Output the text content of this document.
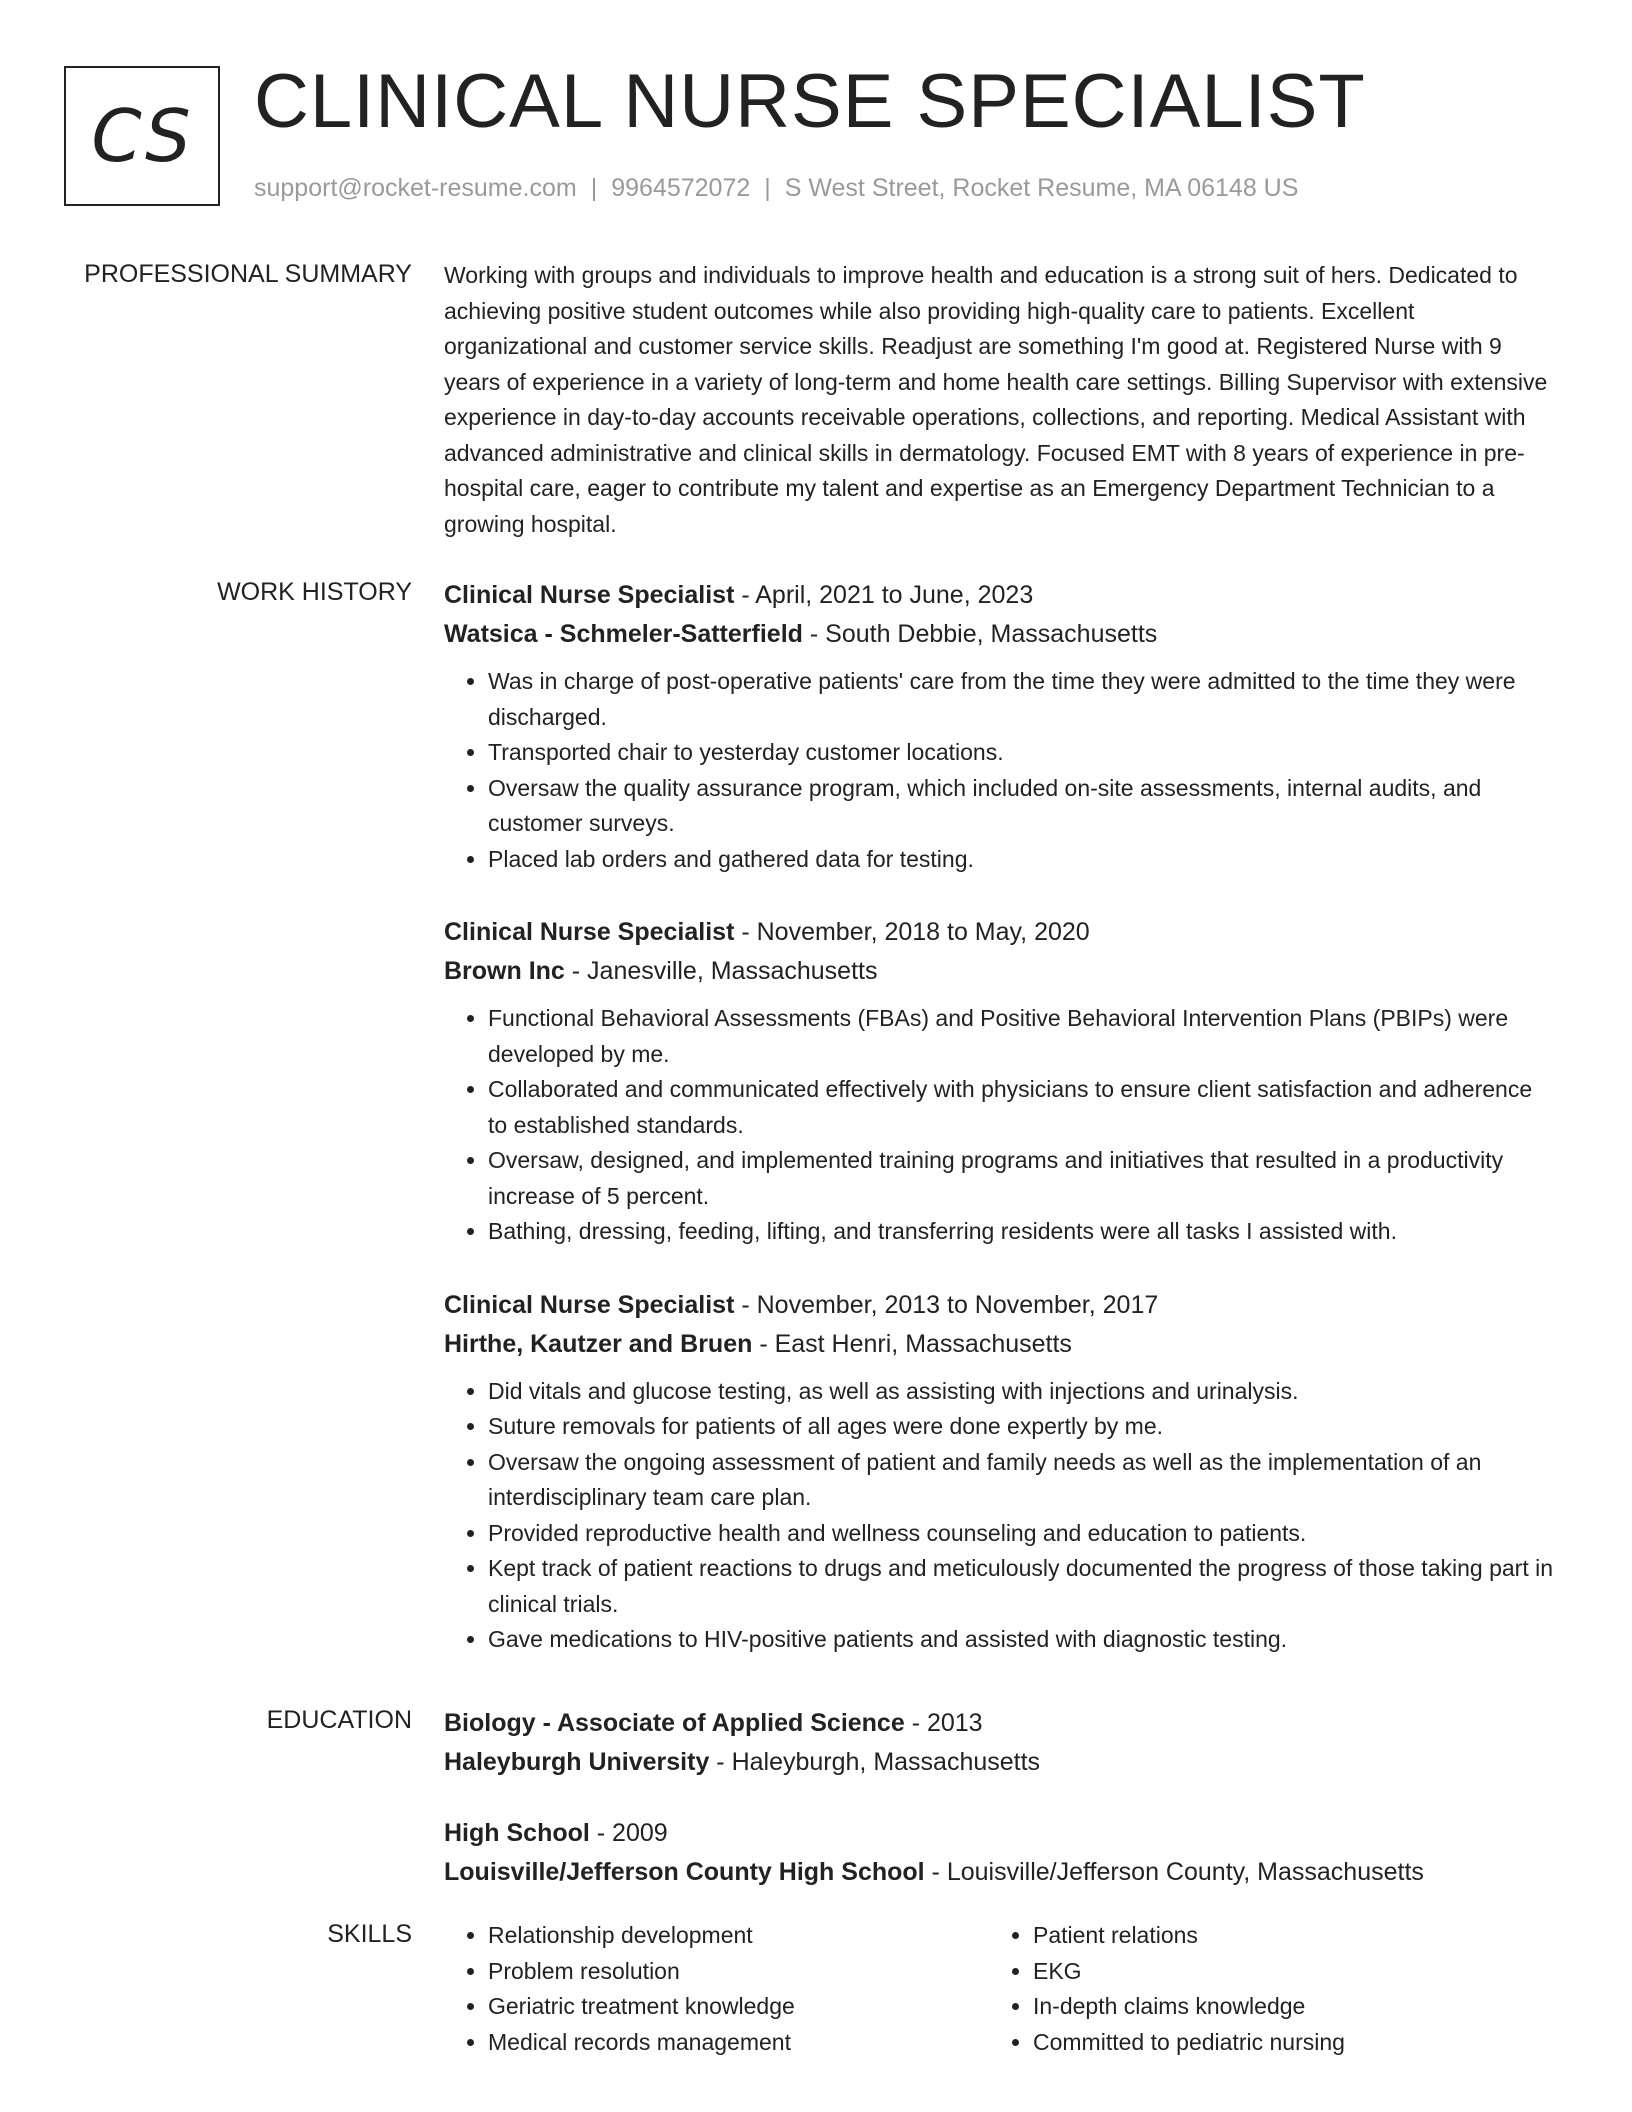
CS CLINICAL NURSE SPECIALIST
support@rocket-resume.com | 9964572072 | S West Street, Rocket Resume, MA 06148 US
PROFESSIONAL SUMMARY Working with groups and individuals to improve health and education is a strong suit of hers. Dedicated to achieving positive student outcomes while also providing high-quality care to patients. Excellent organizational and customer service skills. Readjust are something I'm good at. Registered Nurse with 9 years of experience in a variety of long-term and home health care settings. Billing Supervisor with extensive experience in day-to-day accounts receivable operations, collections, and reporting. Medical Assistant with advanced administrative and clinical skills in dermatology. Focused EMT with 8 years of experience in pre-hospital care, eager to contribute my talent and expertise as an Emergency Department Technician to a growing hospital.

WORK HISTORY Clinical Nurse Specialist - April, 2021 to June, 2023
Watsica - Schmeler-Satterfield - South Debbie, Massachusetts
• Was in charge of post-operative patients' care from the time they were admitted to the time they were discharged.
• Transported chair to yesterday customer locations.
• Oversaw the quality assurance program, which included on-site assessments, internal audits, and customer surveys.
• Placed lab orders and gathered data for testing.
Clinical Nurse Specialist - November, 2018 to May, 2020
Brown Inc - Janesville, Massachusetts
• Functional Behavioral Assessments (FBAs) and Positive Behavioral Intervention Plans (PBIPs) were developed by me.
• Collaborated and communicated effectively with physicians to ensure client satisfaction and adherence to established standards.
• Oversaw, designed, and implemented training programs and initiatives that resulted in a productivity increase of 5 percent.
• Bathing, dressing, feeding, lifting, and transferring residents were all tasks I assisted with.
Clinical Nurse Specialist - November, 2013 to November, 2017
Hirthe, Kautzer and Bruen - East Henri, Massachusetts
• Did vitals and glucose testing, as well as assisting with injections and urinalysis.
• Suture removals for patients of all ages were done expertly by me.
• Oversaw the ongoing assessment of patient and family needs as well as the implementation of an interdisciplinary team care plan.
• Provided reproductive health and wellness counseling and education to patients.
• Kept track of patient reactions to drugs and meticulously documented the progress of those taking part in clinical trials.
• Gave medications to HIV-positive patients and assisted with diagnostic testing.
EDUCATION Biology - Associate of Applied Science - 2013
Haleyburgh University - Haleyburgh, Massachusetts
High School - 2009
Louisville/Jefferson County High School - Louisville/Jefferson County, Massachusetts
SKILLS
•	Relationship development
• Problem resolution
• Geriatric treatment knowledge
• Medical records management
• Patient relations
• EKG
• In-depth claims knowledge
• Committed to pediatric nursing
